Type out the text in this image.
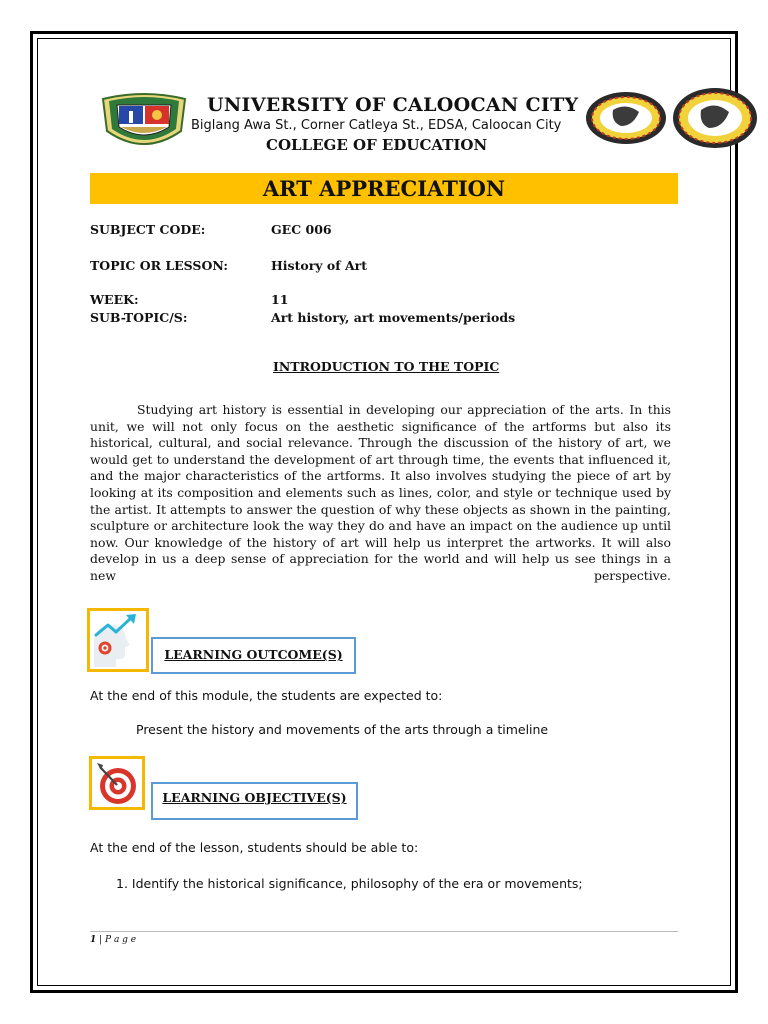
UNIVERSITY OF CALOOCAN CITY
Biglang Awa St., Corner Catleya St., EDSA, Caloocan City
COLLEGE OF EDUCATION
ART APPRECIATION
SUBJECT CODE:	GEC 006
TOPIC OR LESSON:	History of Art
WEEK:	11
SUB-TOPIC/S:	Art history, art movements/periods
INTRODUCTION TO THE TOPIC

Studying art history is essential in developing our appreciation of the arts. In this unit, we will not only focus on the aesthetic significance of the artforms but also its historical, cultural, and social relevance. Through the discussion of the history of art, we would get to understand the development of art through time, the events that influenced it, and the major characteristics of the artforms. It also involves studying the piece of art by looking at its composition and elements such as lines, color, and style or technique used by the artist. It attempts to answer the question of why these objects as shown in the painting, sculpture or architecture look the way they do and have an impact on the audience up until now. Our knowledge of the history of art will help us interpret the artworks. It will also develop in us a deep sense of appreciation for the world and will help us see things in a new perspective.

LEARNING OUTCOME(S)
At the end of this module, the students are expected to:
Present the history and movements of the arts through a timeline
LEARNING OBJECTIVE(S)
At the end of the lesson, students should be able to:
1. Identify the historical significance, philosophy of the era or movements;
1 | P a g e
